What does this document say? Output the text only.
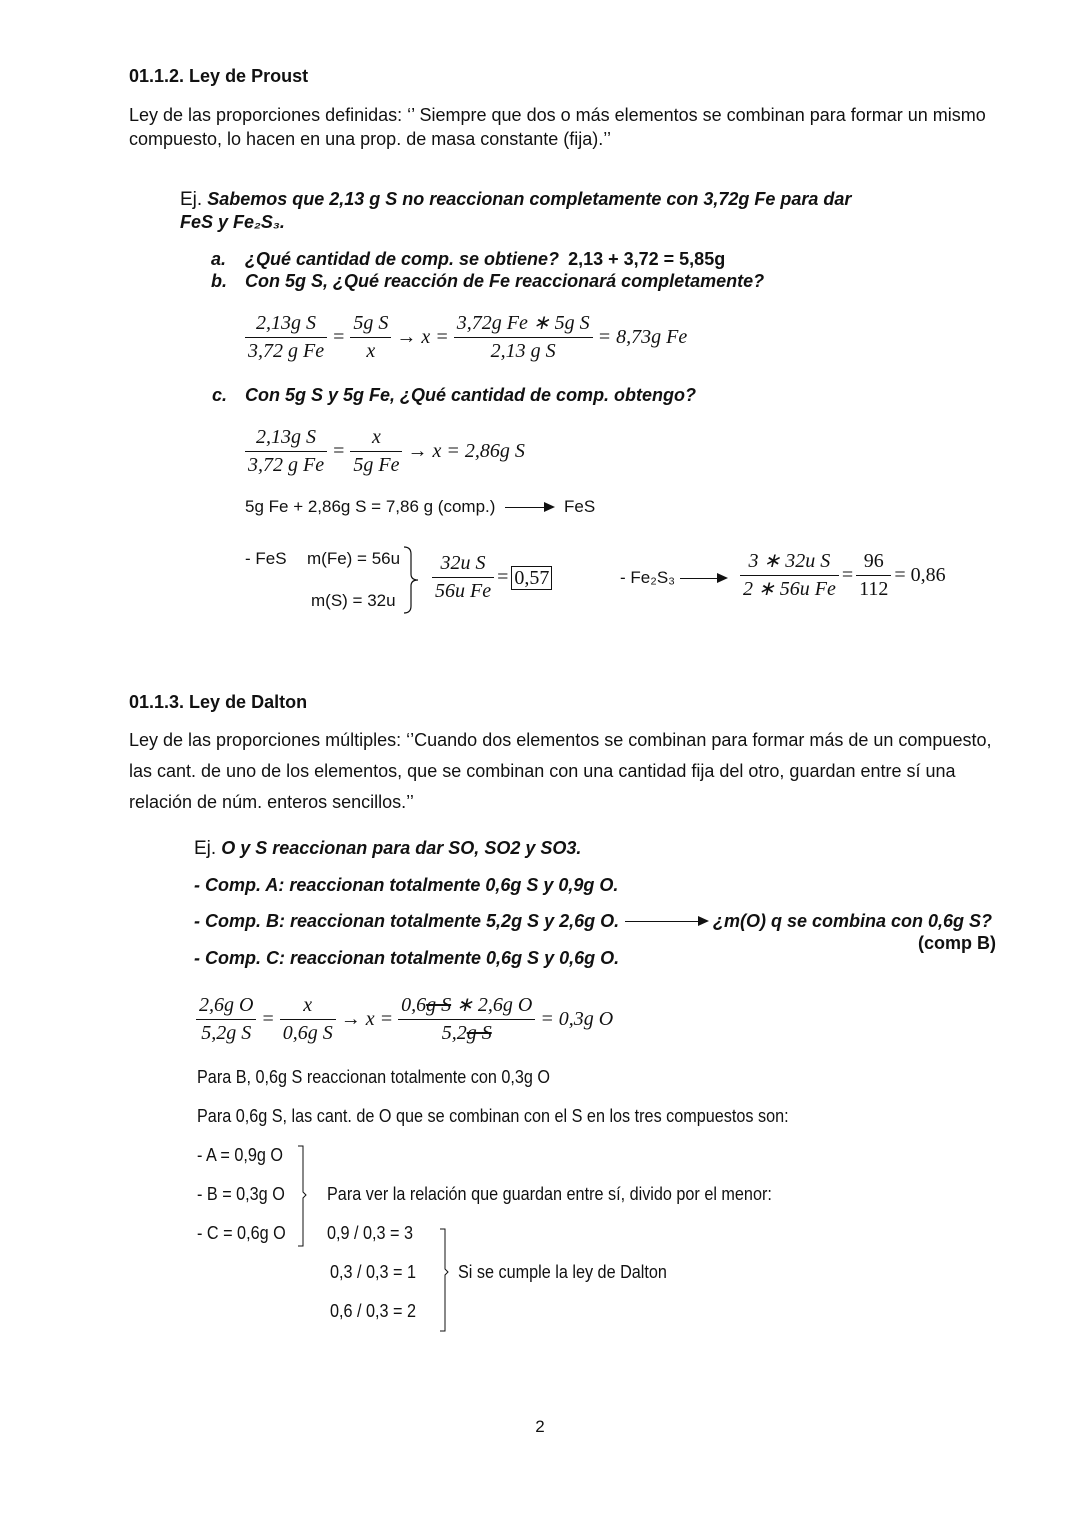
01.1.2. Ley de Proust
Ley de las proporciones definidas: ‘’ Siempre que dos o más elementos se combinan para formar un mismo
compuesto, lo hacen en una prop. de masa constante (fija).’’
Ej. Sabemos que 2,13 g S no reaccionan completamente con 3,72g Fe para dar
FeS y Fe₂S₃.
a. ¿Qué cantidad de comp. se obtiene? 2,13 + 3,72 = 5,85g
b. Con 5g S, ¿Qué reacción de Fe reaccionará completamente?
$\frac{\text{2,13g S}}{\text{3,72 g Fe}} = \frac{\text{5g S}}{x} \to x = \frac{\text{3,72g Fe ∗ 5g S}}{\text{2,13 g S}} = 8,73g$ Fe
c. Con 5g S y 5g Fe, ¿Qué cantidad de comp. obtengo?
$\frac{\text{2,13g S}}{\text{3,72 g Fe}} = \frac{x}{\text{5g Fe}} \to x = 2,86g$ S
5g Fe + 2,86g S = 7,86 g (comp.)	FeS
- FeS m(Fe) = 56u
$m(S) = 32u \frac{\text{32u S}}{\text{56u Fe}} = 0,57$	- Fe₂S₃	$\frac{\text{3 ∗ 32u S}}{\text{2 ∗ 56u Fe}} = \frac{96}{112} = 0,86$
01.1.3. Ley de Dalton
Ley de las proporciones múltiples: ‘’Cuando dos elementos se combinan para formar más de un compuesto,
las cant. de uno de los elementos, que se combinan con una cantidad fija del otro, guardan entre sí una
relación de núm. enteros sencillos.’’
Ej. O y S reaccionan para dar SO, SO2 y SO3.
- Comp. A: reaccionan totalmente 0,6g S y 0,9g O.
- Comp. B: reaccionan totalmente 5,2g S y 2,6g O.	¿m(O) q se combina con 0,6g S?
(comp B)
- Comp. C: reaccionan totalmente 0,6g S y 0,6g O.
$\frac{\text{2,6g O}}{\text{5,2g S}} = \frac{x}{\text{0,6g S}} \to x = \frac{\text{0,6g S ∗ 2,6g O}}{\text{5,2g S}} = 0,3g$ O
Para B, 0,6g S reaccionan totalmente con 0,3g O
Para 0,6g S, las cant. de O que se combinan con el S en los tres compuestos son:
- A = 0,9g O
- B = 0,3g O
- C = 0,6g O
Para ver la relación que guardan entre sí, divido por el menor:
0,9 / 0,3 = 3
0,3 / 0,3 = 1
0,6 / 0,3 = 2
Si se cumple la ley de Dalton
2
